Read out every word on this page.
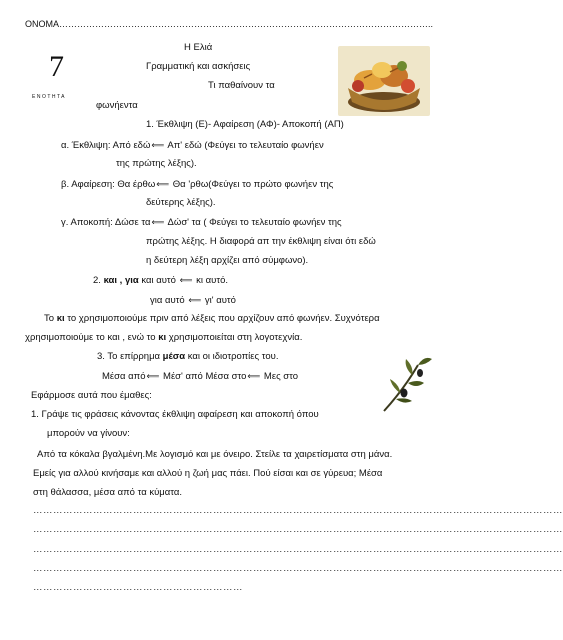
ΟΝΟΜΑ……………………………………………………………………………………………………………..
7
ΕΝΟΤΗΤΑ
Η Ελιά
Γραμματική και ασκήσεις
Τι παθαίνουν τα
φωνήεντα
1. Έκθλιψη (Ε)- Αφαίρεση (ΑΦ)- Αποκοπή (ΑΠ)
α. Έκθλιψη: Από εδώ⟸ Απ' εδώ (Φεύγει το τελευταίο φωνήεν
της πρώτης λέξης).
β. Αφαίρεση: Θα έρθω⟸ Θα 'ρθω(Φεύγει το πρώτο φωνήεν της
δεύτερης λέξης).
γ. Αποκοπή: Δώσε τα⟸ Δώσ' τα ( Φεύγει το τελευταίο φωνήεν της
πρώτης λέξης. Η διαφορά απ την έκθλιψη είναι ότι εδώ
η δεύτερη λέξη αρχίζει από σύμφωνο).
2. και , για και αυτό ⟸ κι αυτό.
για αυτό ⟸ γι' αυτό
Το κι το χρησιμοποιούμε πριν από λέξεις που αρχίζουν από φωνήεν. Συχνότερα
χρησιμοποιούμε το και , ενώ το κι χρησιμοποιείται στη λογοτεχνία.
3. Το επίρρημα μέσα και οι ιδιοτροπίες του.
Μέσα από⟸ Μέσ' από Μέσα στο⟸ Μες στο
Εφάρμοσε αυτά που έμαθες:
1. Γράψε τις φράσεις κάνοντας έκθλιψη αφαίρεση και αποκοπή όπου
μπορούν να γίνουν:
Από τα κόκαλα βγαλμένη.Με λογισμό και με όνειρο. Στείλε τα χαιρετίσματα στη μάνα.
Εμείς για αλλού κινήσαμε και αλλού η ζωή μας πάει. Πού είσαι και σε γύρευα; Μέσα
στη θάλασσα, μέσα από τα κύματα.
……………………………………………………………………………………………………………………………………………
……………………………………………………………………………………………………………………………………………
……………………………………………………………………………………………………………………………………………
……………………………………………………………………………………………………………………………………………
………………………………………………………
